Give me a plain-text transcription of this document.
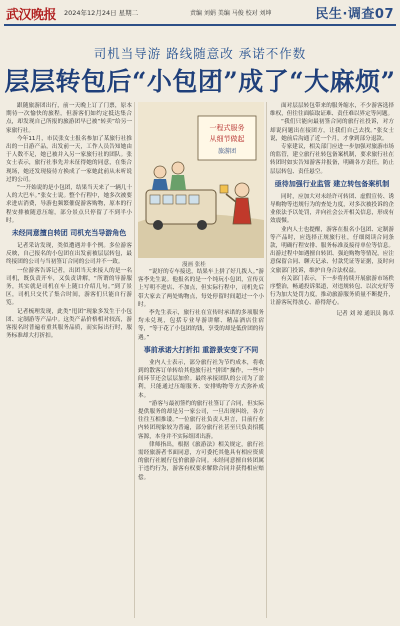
武汉晚报 2024年12月24日 星期二	责编 刘娟 美编 马俊 校对 刘坤	民生·调查07
司机当导游 路线随意改 承诺不作数
层层转包后“小包团”成了“大麻烦”

跟随旅游团出行，前一天晚上订了门票，原本期待一次愉快的旅程，但游客们如约定抵达集合点，却发现自己所报的旅游团早已被“转卖”给另一家旅行社。

今年11月，市民张女士报名参加了某旅行社推出的一日游产品，出发前一天，工作人员告知她由于人数不足，她已被并入另一家旅行社的团队。张女士表示，旅行社事先并未征得她的同意，在集合现场，她还发现接待方换成了一家她此前从未听说过的公司。

“一开始说的是小包团，结果当天来了一辆几十人的大巴车。”张女士说。整个行程中，她多次被要求进店消费，导游也频繁催促游客购物，原本的行程安排被随意压缩，部分景点只停留了不到半小时。

未经同意擅自转团 司机充当导游角色

记者采访发现，类似遭遇并非个例。多位游客反映，自己报名的小包团在出发前被层层转包，最终接团的公司与当初签订合同的公司并不一致。

一位游客告诉记者，出团当天来接人的是一名司机，既负责开车，又负责讲解，“所谓的导游服务，其实就是司机在车上随口介绍几句。”到了景区，司机只交代了集合时间，游客们只能自行游览。

记者梳理发现，此类“甩团”现象多发生于小包团、定制游等产品中。这类产品价格相对较高，游客报名时普遍看重其服务品质，而实际出行时，服务标准却大打折扣。

一程式服务
从细节做起
旅游团
漫画 张桂

“说好的专车接送，结果车上拼了好几拨人。”游客李先生说。他报名的是一个纯玩小包团，宣传页上写明不进店、不加点，但实际行程中，司机先后带大家去了两处购物点，每处停留时间超过一个小时。

李先生表示，旅行社在宣传时承诺的多项服务均未兑现，包括专业导游讲解、精品酒店住宿等，“等于花了小包团的钱，享受的却是低价团的待遇。”

事前承诺大打折扣 重游景安变了不同

业内人士表示，部分旅行社为节约成本，将收到的散客订单转给其他旅行社“拼团”操作，一些中间环节还会层层加价。最终承接团队的公司为了盈利，只能通过压缩服务、安排购物等方式弥补成本。

“游客与最初签约的旅行社签订了合同，但实际提供服务的却是另一家公司，一旦出现纠纷，各方往往互相推诿。”一位旅行社负责人坦言，目前行业内转团现象较为普遍，部分旅行社甚至只负责招揽客源，本身并不实际组团出游。

律师指出，根据《旅游法》相关规定，旅行社需经旅游者书面同意，方可委托其他具有相应资质的旅行社履行包价旅游合同。未经同意擅自转团属于违约行为，游客有权要求解除合同并获得相应赔偿。

面对层层转包带来的服务缩水，不少游客选择维权，但往往面临取证难、责任难以界定等问题。

“我们只能向最初签合同的旅行社投诉，对方却说问题出在接团方，让我们自己去找。”张女士说，她前后沟通了近一个月，才拿到部分退款。

专家建议，相关部门应进一步加强对旅游市场的监管，建立旅行社转包备案机制，要求旅行社在转团时如实告知游客并报备，明确各方责任，防止层层转包、责任悬空。

亟待加强行业监管 建立转包备案机制

同时，应加大对未经许可转团、虚假宣传、诱导购物等违规行为的查处力度，对多次被投诉的企业依法予以处罚，并向社会公开相关信息，形成有效震慑。

业内人士也提醒，游客在报名小包团、定制游等产品时，应选择正规旅行社，仔细阅读合同条款，明确行程安排、服务标准及接待单位等信息。出游过程中如遇擅自转团、强迫购物等情况，应注意保留合同、聊天记录、付款凭证等证据，及时向文旅部门投诉，维护自身合法权益。

有关部门表示，下一步将持续开展旅游市场秩序整治，畅通投诉渠道，对违规转包、以次充好等行为加大处罚力度，推动旅游服务质量不断提升，让游客玩得放心、游得舒心。

记者 刘 琼 通讯员 陈卓
